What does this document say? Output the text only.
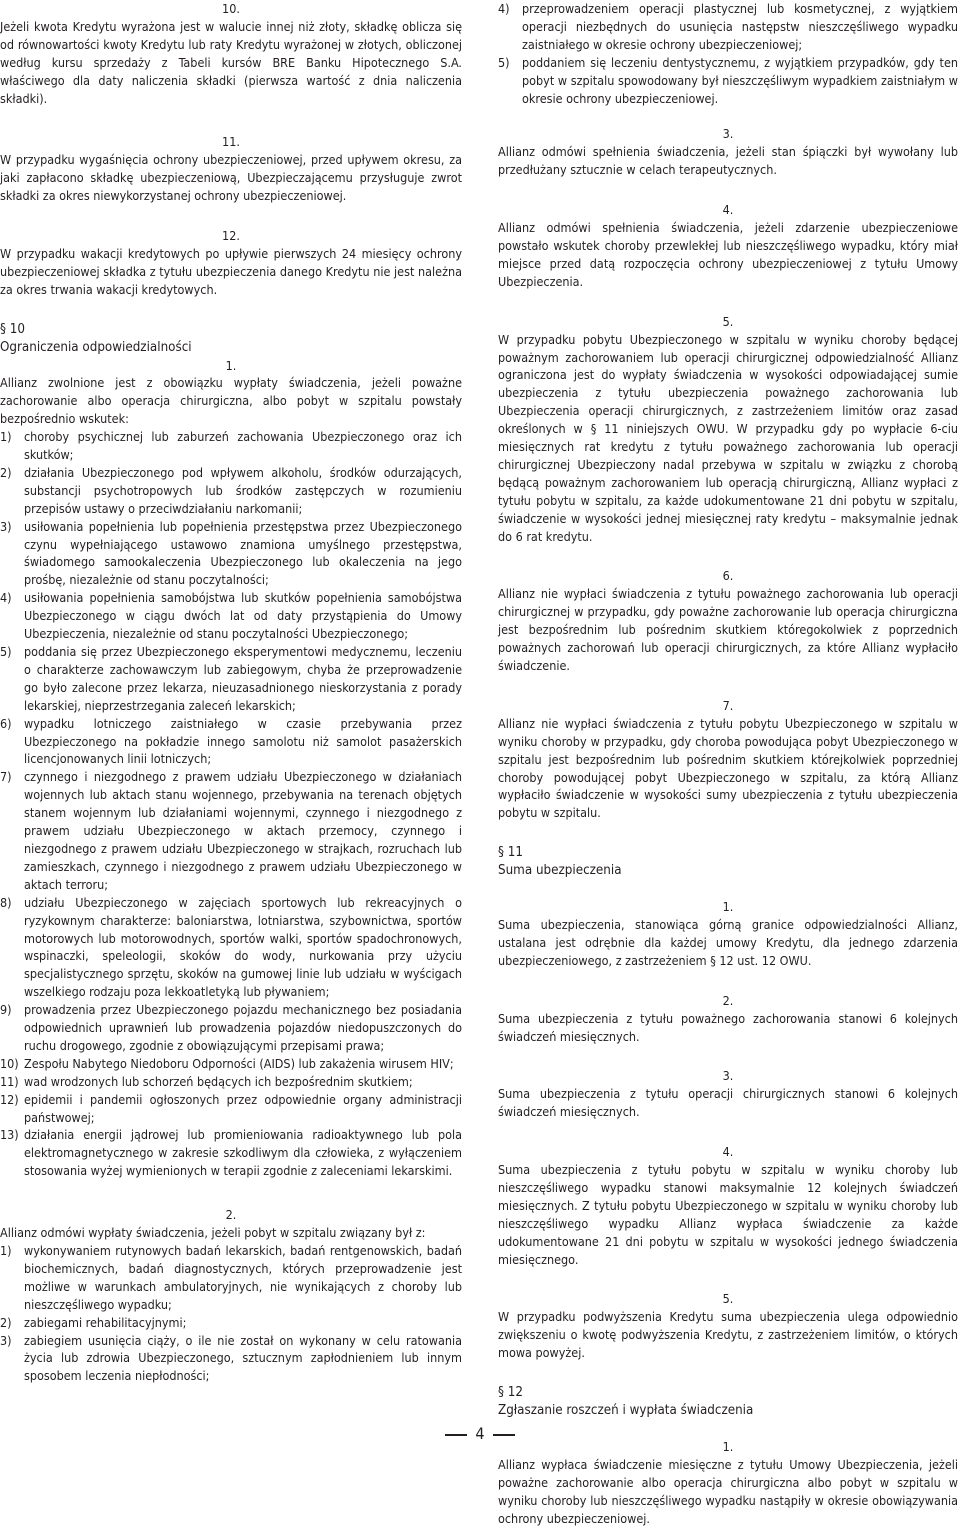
10.

Jeżeli kwota Kredytu wyrażona jest w walucie innej niż złoty, składkę oblicza się od równowartości kwoty Kredytu lub raty Kredytu wyrażonej w złotych, obliczonej według kursu sprzedaży z Tabeli kursów BRE Banku Hipotecznego S.A. właściwego dla daty naliczenia składki (pierwsza wartość z dnia naliczenia składki).

11.

W przypadku wygaśnięcia ochrony ubezpieczeniowej, przed upływem okresu, za jaki zapłacono składkę ubezpieczeniową, Ubezpieczającemu przysługuje zwrot składki za okres niewykorzystanej ochrony ubezpieczeniowej.

12.

W przypadku wakacji kredytowych po upływie pierwszych 24 miesięcy ochrony ubezpieczeniowej składka z tytułu ubezpieczenia danego Kredytu nie jest należna za okres trwania wakacji kredytowych.

§ 10
Ograniczenia odpowiedzialności
1.

Allianz zwolnione jest z obowiązku wypłaty świadczenia, jeżeli poważne zachorowanie albo operacja chirurgiczna, albo pobyt w szpitalu powstały bezpośrednio wskutek:

1) choroby psychicznej lub zaburzeń zachowania Ubezpieczonego oraz ich skutków;
2) działania Ubezpieczonego pod wpływem alkoholu, środków odurzających, substancji psychotropowych lub środków zastępczych w rozumieniu przepisów ustawy o przeciwdziałaniu narkomanii;
3) usiłowania popełnienia lub popełnienia przestępstwa przez Ubezpieczonego czynu wypełniającego ustawowo znamiona umyślnego przestępstwa, świadomego samookaleczenia Ubezpieczonego lub okaleczenia na jego prośbę, niezależnie od stanu poczytalności;
4) usiłowania popełnienia samobójstwa lub skutków popełnienia samobójstwa Ubezpieczonego w ciągu dwóch lat od daty przystąpienia do Umowy Ubezpieczenia, niezależnie od stanu poczytalności Ubezpieczonego;
5) poddania się przez Ubezpieczonego eksperymentowi medycznemu, leczeniu o charakterze zachowawczym lub zabiegowym, chyba że przeprowadzenie go było zalecone przez lekarza, nieuzasadnionego nieskorzystania z porady lekarskiej, nieprzestrzegania zaleceń lekarskich;
6) wypadku lotniczego zaistniałego w czasie przebywania przez Ubezpieczonego na pokładzie innego samolotu niż samolot pasażerskich licencjonowanych linii lotniczych;
7) czynnego i niezgodnego z prawem udziału Ubezpieczonego w działaniach wojennych lub aktach stanu wojennego, przebywania na terenach objętych stanem wojennym lub działaniami wojennymi, czynnego i niezgodnego z prawem udziału Ubezpieczonego w aktach przemocy, czynnego i niezgodnego z prawem udziału Ubezpieczonego w strajkach, rozruchach lub zamieszkach, czynnego i niezgodnego z prawem udziału Ubezpieczonego w aktach terroru;
8) udziału Ubezpieczonego w zajęciach sportowych lub rekreacyjnych o ryzykownym charakterze: baloniarstwa, lotniarstwa, szybownictwa, sportów motorowych lub motorowodnych, sportów walki, sportów spadochronowych, wspinaczki, speleologii, skoków do wody, nurkowania przy użyciu specjalistycznego sprzętu, skoków na gumowej linie lub udziału w wyścigach wszelkiego rodzaju poza lekkoatletyką lub pływaniem;
9) prowadzenia przez Ubezpieczonego pojazdu mechanicznego bez posiadania odpowiednich uprawnień lub prowadzenia pojazdów niedopuszczonych do ruchu drogowego, zgodnie z obowiązującymi przepisami prawa;
10) Zespołu Nabytego Niedoboru Odporności (AIDS) lub zakażenia wirusem HIV;
11) wad wrodzonych lub schorzeń będących ich bezpośrednim skutkiem;
12) epidemii i pandemii ogłoszonych przez odpowiednie organy administracji państwowej;
13) działania energii jądrowej lub promieniowania radioaktywnego lub pola elektromagnetycznego w zakresie szkodliwym dla człowieka, z wyłączeniem stosowania wyżej wymienionych w terapii zgodnie z zaleceniami lekarskimi.
2.

Allianz odmówi wypłaty świadczenia, jeżeli pobyt w szpitalu związany był z:

1) wykonywaniem rutynowych badań lekarskich, badań rentgenowskich, badań biochemicznych, badań diagnostycznych, których przeprowadzenie jest możliwe w warunkach ambulatoryjnych, nie wynikających z choroby lub nieszczęśliwego wypadku;
2) zabiegami rehabilitacyjnymi;
3) zabiegiem usunięcia ciąży, o ile nie został on wykonany w celu ratowania życia lub zdrowia Ubezpieczonego, sztucznym zapłodnieniem lub innym sposobem leczenia niepłodności;
4) przeprowadzeniem operacji plastycznej lub kosmetycznej, z wyjątkiem operacji niezbędnych do usunięcia następstw nieszczęśliwego wypadku zaistniałego w okresie ochrony ubezpieczeniowej;
5) poddaniem się leczeniu dentystycznemu, z wyjątkiem przypadków, gdy ten pobyt w szpitalu spowodowany był nieszczęśliwym wypadkiem zaistniałym w okresie ochrony ubezpieczeniowej.
3.

Allianz odmówi spełnienia świadczenia, jeżeli stan śpiączki był wywołany lub przedłużany sztucznie w celach terapeutycznych.

4.

Allianz odmówi spełnienia świadczenia, jeżeli zdarzenie ubezpieczeniowe powstało wskutek choroby przewlekłej lub nieszczęśliwego wypadku, który miał miejsce przed datą rozpoczęcia ochrony ubezpieczeniowej z tytułu Umowy Ubezpieczenia.

5.

W przypadku pobytu Ubezpieczonego w szpitalu w wyniku choroby będącej poważnym zachorowaniem lub operacji chirurgicznej odpowiedzialność Allianz ograniczona jest do wypłaty świadczenia w wysokości odpowiadającej sumie ubezpieczenia z tytułu ubezpieczenia poważnego zachorowania lub Ubezpieczenia operacji chirurgicznych, z zastrzeżeniem limitów oraz zasad określonych w § 11 niniejszych OWU. W przypadku gdy po wypłacie 6-ciu miesięcznych rat kredytu z tytułu poważnego zachorowania lub operacji chirurgicznej Ubezpieczony nadal przebywa w szpitalu w związku z chorobą będącą poważnym zachorowaniem lub operacją chirurgiczną, Allianz wypłaci z tytułu pobytu w szpitalu, za każde udokumentowane 21 dni pobytu w szpitalu, świadczenie w wysokości jednej miesięcznej raty kredytu – maksymalnie jednak do 6 rat kredytu.

6.

Allianz nie wypłaci świadczenia z tytułu poważnego zachorowania lub operacji chirurgicznej w przypadku, gdy poważne zachorowanie lub operacja chirurgiczna jest bezpośrednim lub pośrednim skutkiem któregokolwiek z poprzednich poważnych zachorowań lub operacji chirurgicznych, za które Allianz wypłaciło świadczenie.

7.

Allianz nie wypłaci świadczenia z tytułu pobytu Ubezpieczonego w szpitalu w wyniku choroby w przypadku, gdy choroba powodująca pobyt Ubezpieczonego w szpitalu jest bezpośrednim lub pośrednim skutkiem którejkolwiek poprzedniej choroby powodującej pobyt Ubezpieczonego w szpitalu, za którą Allianz wypłaciło świadczenie w wysokości sumy ubezpieczenia z tytułu ubezpieczenia pobytu w szpitalu.

§ 11
Suma ubezpieczenia
1.

Suma ubezpieczenia, stanowiąca górną granice odpowiedzialności Allianz, ustalana jest odrębnie dla każdej umowy Kredytu, dla jednego zdarzenia ubezpieczeniowego, z zastrzeżeniem § 12 ust. 12 OWU.

2.

Suma ubezpieczenia z tytułu poważnego zachorowania stanowi 6 kolejnych świadczeń miesięcznych.

3.

Suma ubezpieczenia z tytułu operacji chirurgicznych stanowi 6 kolejnych świadczeń miesięcznych.

4.

Suma ubezpieczenia z tytułu pobytu w szpitalu w wyniku choroby lub nieszczęśliwego wypadku stanowi maksymalnie 12 kolejnych świadczeń miesięcznych. Z tytułu pobytu Ubezpieczonego w szpitalu w wyniku choroby lub nieszczęśliwego wypadku Allianz wypłaca świadczenie za każde udokumentowane 21 dni pobytu w szpitalu w wysokości jednego świadczenia miesięcznego.

5.

W przypadku podwyższenia Kredytu suma ubezpieczenia ulega odpowiednio zwiększeniu o kwotę podwyższenia Kredytu, z zastrzeżeniem limitów, o których mowa powyżej.

§ 12
Zgłaszanie roszczeń i wypłata świadczenia
1.

Allianz wypłaca świadczenie miesięczne z tytułu Umowy Ubezpieczenia, jeżeli poważne zachorowanie albo operacja chirurgiczna albo pobyt w szpitalu w wyniku choroby lub nieszczęśliwego wypadku nastąpiły w okresie obowiązywania ochrony ubezpieczeniowej.

4
